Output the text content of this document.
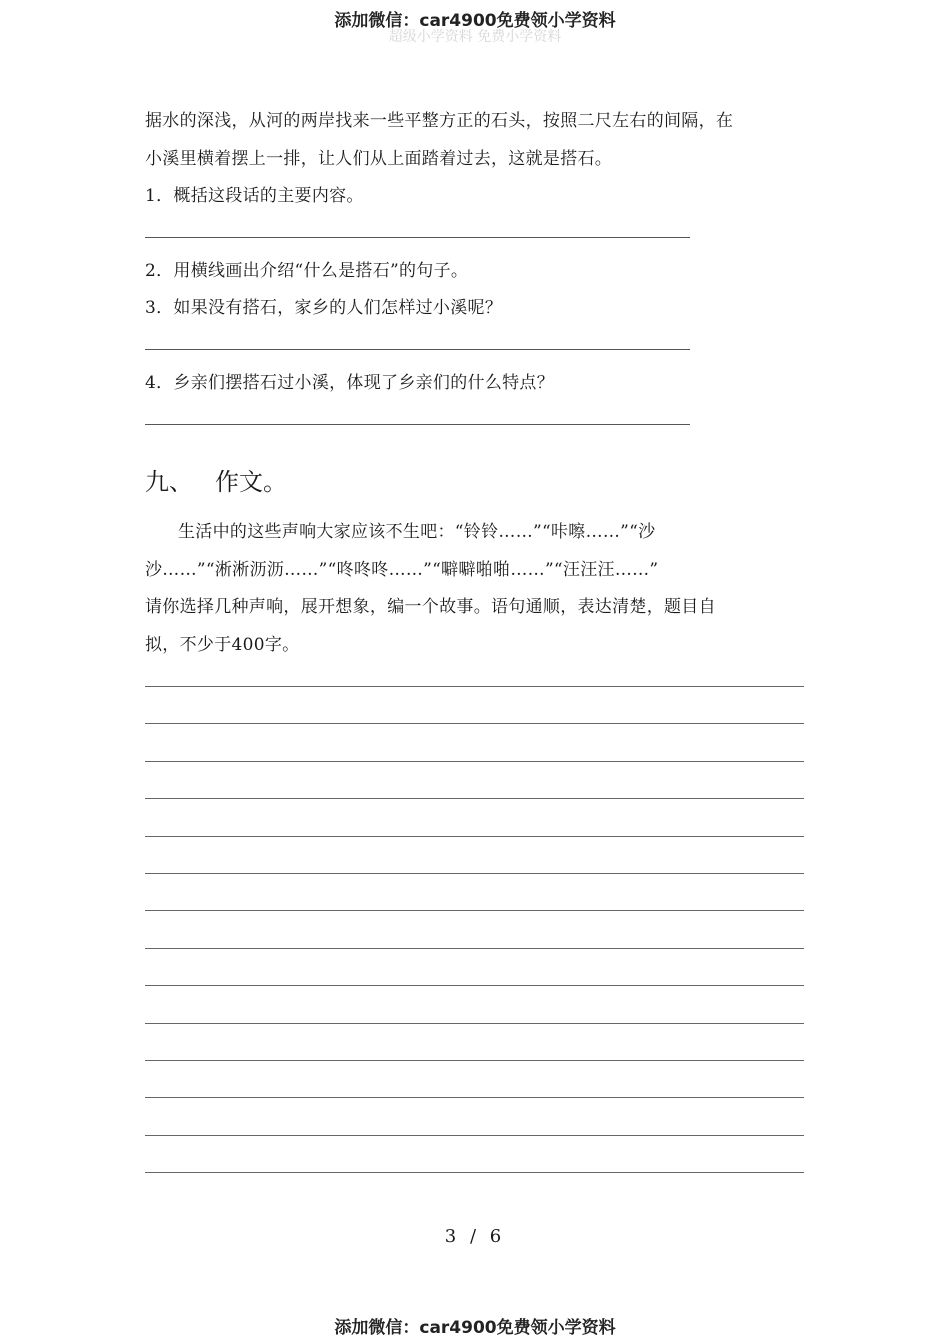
添加微信：car4900免费领小学资料
超级小学资料 免费小学资料
据水的深浅，从河的两岸找来一些平整方正的石头，按照二尺左右的间隔，在
小溪里横着摆上一排，让人们从上面踏着过去，这就是搭石。
1．概括这段话的主要内容。
2．用横线画出介绍“什么是搭石”的句子。
3．如果没有搭石，家乡的人们怎样过小溪呢？
4．乡亲们摆搭石过小溪，体现了乡亲们的什么特点？
九、 作文。
生活中的这些声响大家应该不生吧：“铃铃……”“咔嚓……”“沙
沙……”“淅淅沥沥……”“咚咚咚……”“噼噼啪啪……”“汪汪汪……”
请你选择几种声响，展开想象，编一个故事。语句通顺，表达清楚，题目自
拟，不少于400字。
3 / 6
添加微信：car4900免费领小学资料
